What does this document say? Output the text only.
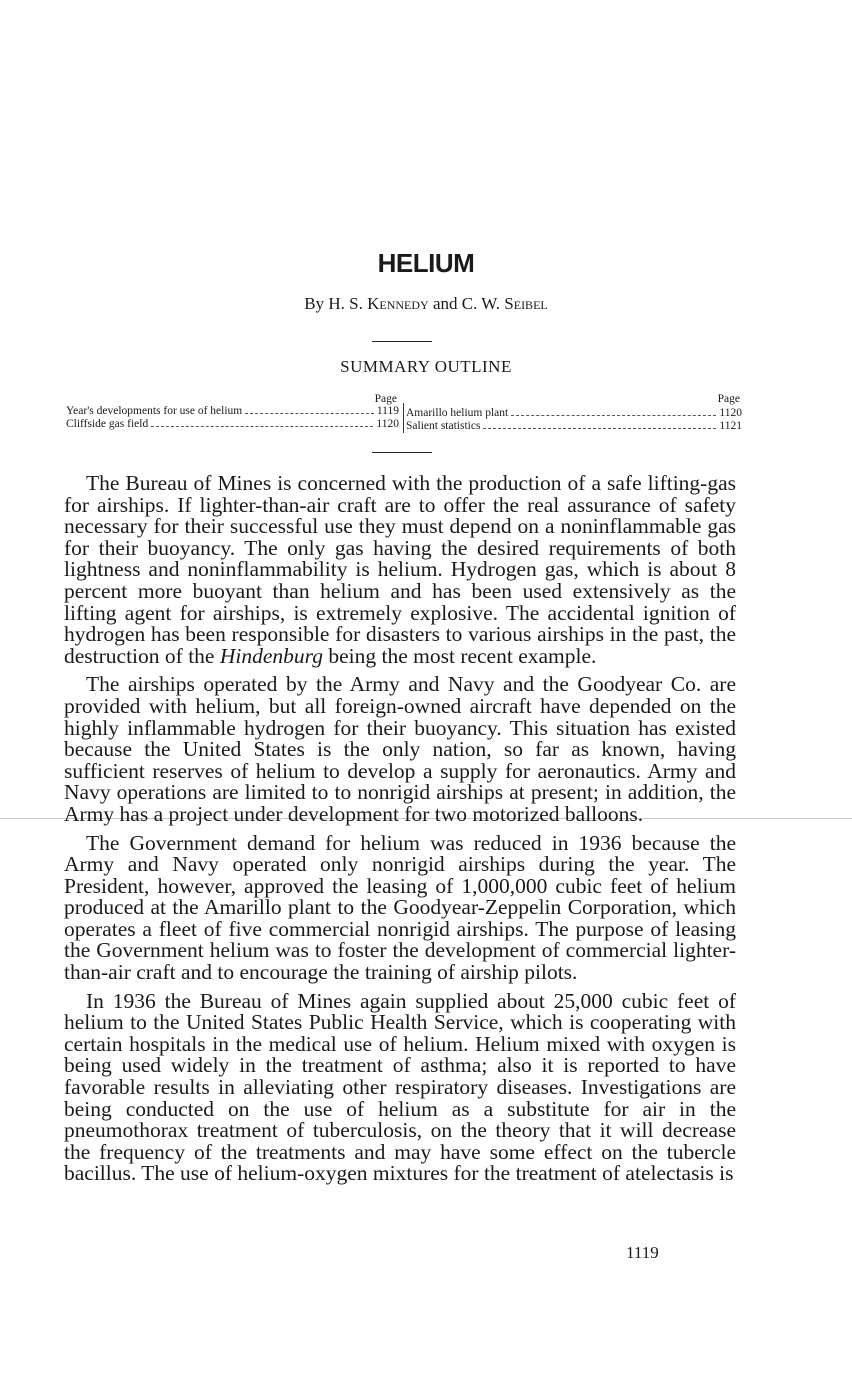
HELIUM
By H. S. Kennedy and C. W. Seibel
SUMMARY OUTLINE
Page
Year's developments for use of helium	1119
Cliffside gas field	1120
Page
Amarillo helium plant	1120
Salient statistics	1121

The Bureau of Mines is concerned with the production of a safe lifting-gas for airships. If lighter-than-air craft are to offer the real assurance of safety necessary for their successful use they must depend on a noninflammable gas for their buoyancy. The only gas having the desired requirements of both lightness and noninflammability is helium. Hydrogen gas, which is about 8 percent more buoyant than helium and has been used extensively as the lifting agent for airships, is extremely explosive. The accidental ignition of hydrogen has been responsible for disasters to various airships in the past, the destruction of the Hindenburg being the most recent example.

The airships operated by the Army and Navy and the Goodyear Co. are provided with helium, but all foreign-owned aircraft have depended on the highly inflammable hydrogen for their buoyancy. This situation has existed because the United States is the only nation, so far as known, having sufficient reserves of helium to develop a supply for aeronautics. Army and Navy operations are limited to to nonrigid airships at present; in addition, the Army has a project under development for two motorized balloons.

The Government demand for helium was reduced in 1936 because the Army and Navy operated only nonrigid airships during the year. The President, however, approved the leasing of 1,000,000 cubic feet of helium produced at the Amarillo plant to the Goodyear-Zeppelin Corporation, which operates a fleet of five commercial nonrigid airships. The purpose of leasing the Government helium was to foster the development of commercial lighter-than-air craft and to encourage the training of airship pilots.

In 1936 the Bureau of Mines again supplied about 25,000 cubic feet of helium to the United States Public Health Service, which is cooperating with certain hospitals in the medical use of helium. Helium mixed with oxygen is being used widely in the treatment of asthma; also it is reported to have favorable results in alleviating other respiratory diseases. Investigations are being conducted on the use of helium as a substitute for air in the pneumothorax treatment of tuberculosis, on the theory that it will decrease the frequency of the treatments and may have some effect on the tubercle bacillus. The use of helium-oxygen mixtures for the treatment of atelectasis is

1119
